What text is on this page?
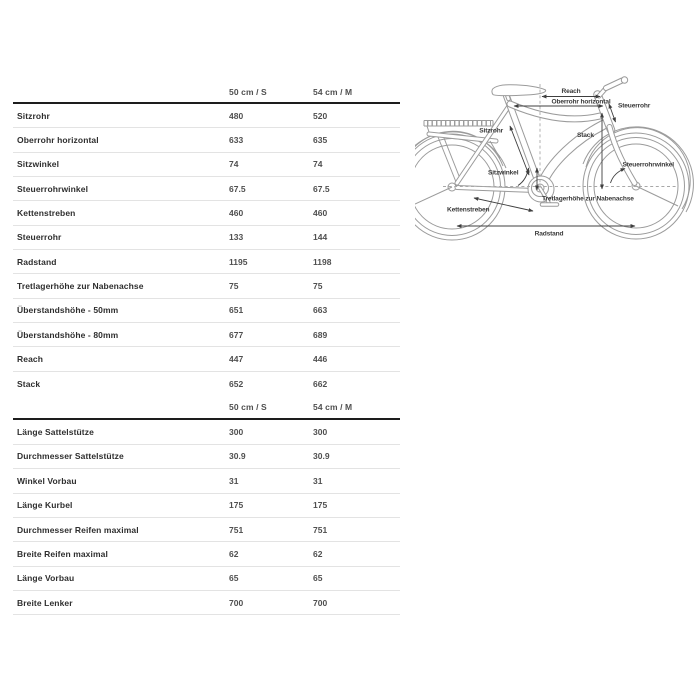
50 cm / S	54 cm / M
Sitzrohr	480	520
Oberrohr horizontal	633	635
Sitzwinkel	74	74
Steuerrohrwinkel	67.5	67.5
Kettenstreben	460	460
Steuerrohr	133	144
Radstand	1195	1198
Tretlagerhöhe zur Nabenachse	75	75
Überstandshöhe - 50mm	651	663
Überstandshöhe - 80mm	677	689
Reach	447	446
Stack	652	662
50 cm / S	54 cm / M
Länge Sattelstütze	300	300
Durchmesser Sattelstütze	30.9	30.9
Winkel Vorbau	31	31
Länge Kurbel	175	175
Durchmesser Reifen maximal	751	751
Breite Reifen maximal	62	62
Länge Vorbau	65	65
Breite Lenker	700	700
Reach
Oberrohr horizontal
Steuerrohr
Sitzrohr
Stack
Sitzwinkel
Steuerrohrwinkel
Tretlagerhöhe zur Nabenachse
Kettenstreben
Radstand
